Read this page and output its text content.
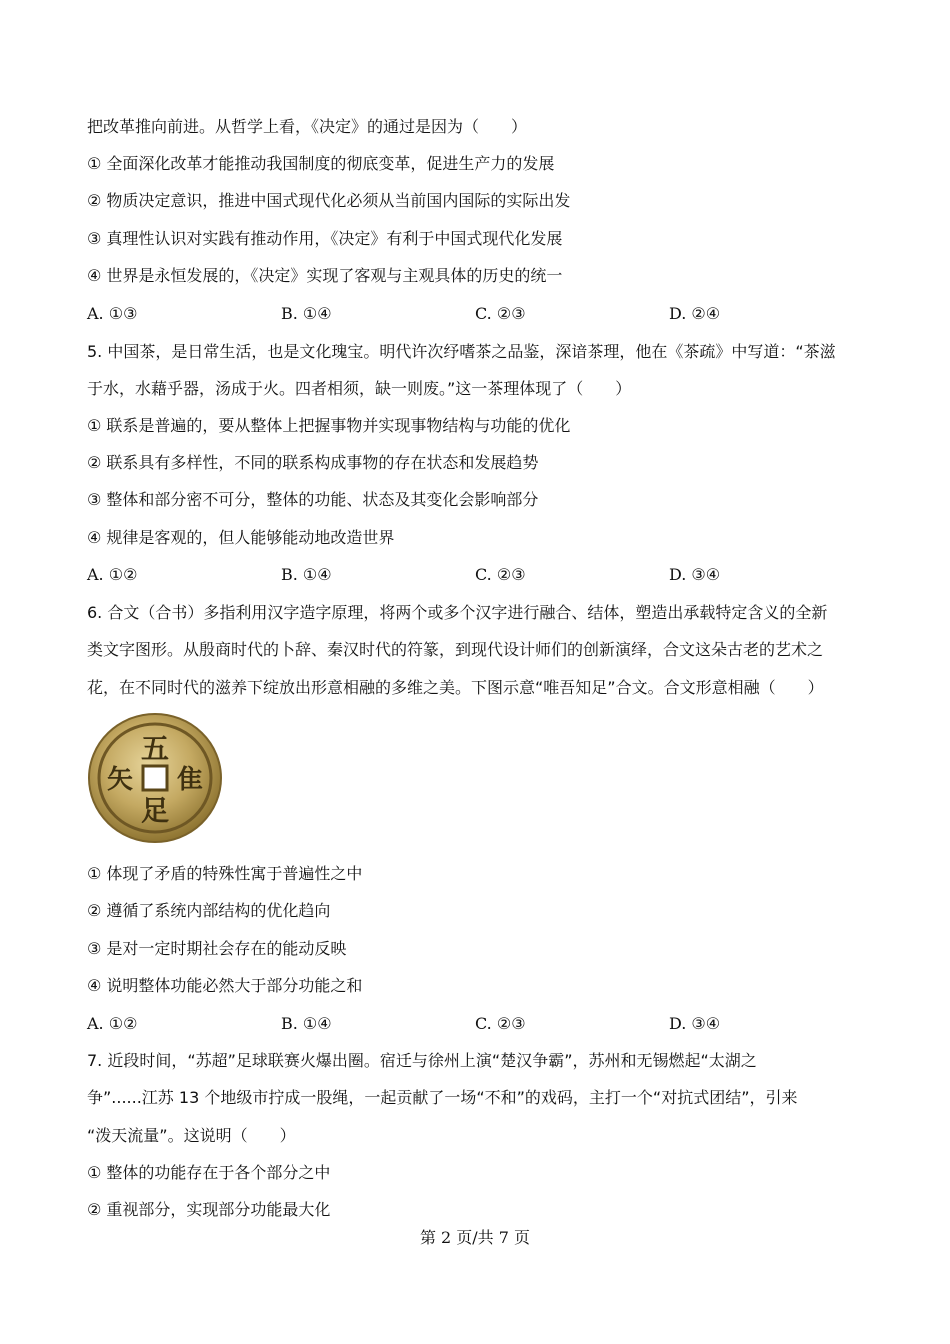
把改革推向前进。从哲学上看，《决定》的通过是因为（　　）
① 全面深化改革才能推动我国制度的彻底变革，促进生产力的发展
② 物质决定意识，推进中国式现代化必须从当前国内国际的实际出发
③ 真理性认识对实践有推动作用，《决定》有利于中国式现代化发展
④ 世界是永恒发展的，《决定》实现了客观与主观具体的历史的统一
A. ①③	B. ①④	C. ②③	D. ②④
5. 中国茶，是日常生活，也是文化瑰宝。明代许次纾嗜茶之品鉴，深谙茶理，他在《茶疏》中写道：“茶滋
于水，水藉乎器，汤成于火。四者相须，缺一则废。”这一茶理体现了（　　）
① 联系是普遍的，要从整体上把握事物并实现事物结构与功能的优化
② 联系具有多样性，不同的联系构成事物的存在状态和发展趋势
③ 整体和部分密不可分，整体的功能、状态及其变化会影响部分
④ 规律是客观的，但人能够能动地改造世界
A. ①②	B. ①④	C. ②③	D. ③④
6. 合文（合书）多指利用汉字造字原理，将两个或多个汉字进行融合、结体，塑造出承载特定含义的全新
类文字图形。从殷商时代的卜辞、秦汉时代的符篆，到现代设计师们的创新演绎，合文这朵古老的艺术之
花，在不同时代的滋养下绽放出形意相融的多维之美。下图示意“唯吾知足”合文。合文形意相融（　　）
五
隹
矢
足
① 体现了矛盾的特殊性寓于普遍性之中
② 遵循了系统内部结构的优化趋向
③ 是对一定时期社会存在的能动反映
④ 说明整体功能必然大于部分功能之和
A. ①②	B. ①④	C. ②③	D. ③④
7. 近段时间，“苏超”足球联赛火爆出圈。宿迁与徐州上演“楚汉争霸”，苏州和无锡燃起“太湖之
争”......江苏 13 个地级市拧成一股绳，一起贡献了一场“不和”的戏码，主打一个“对抗式团结”，引来
“泼天流量”。这说明（　　）
① 整体的功能存在于各个部分之中
② 重视部分，实现部分功能最大化
第 2 页/共 7 页
